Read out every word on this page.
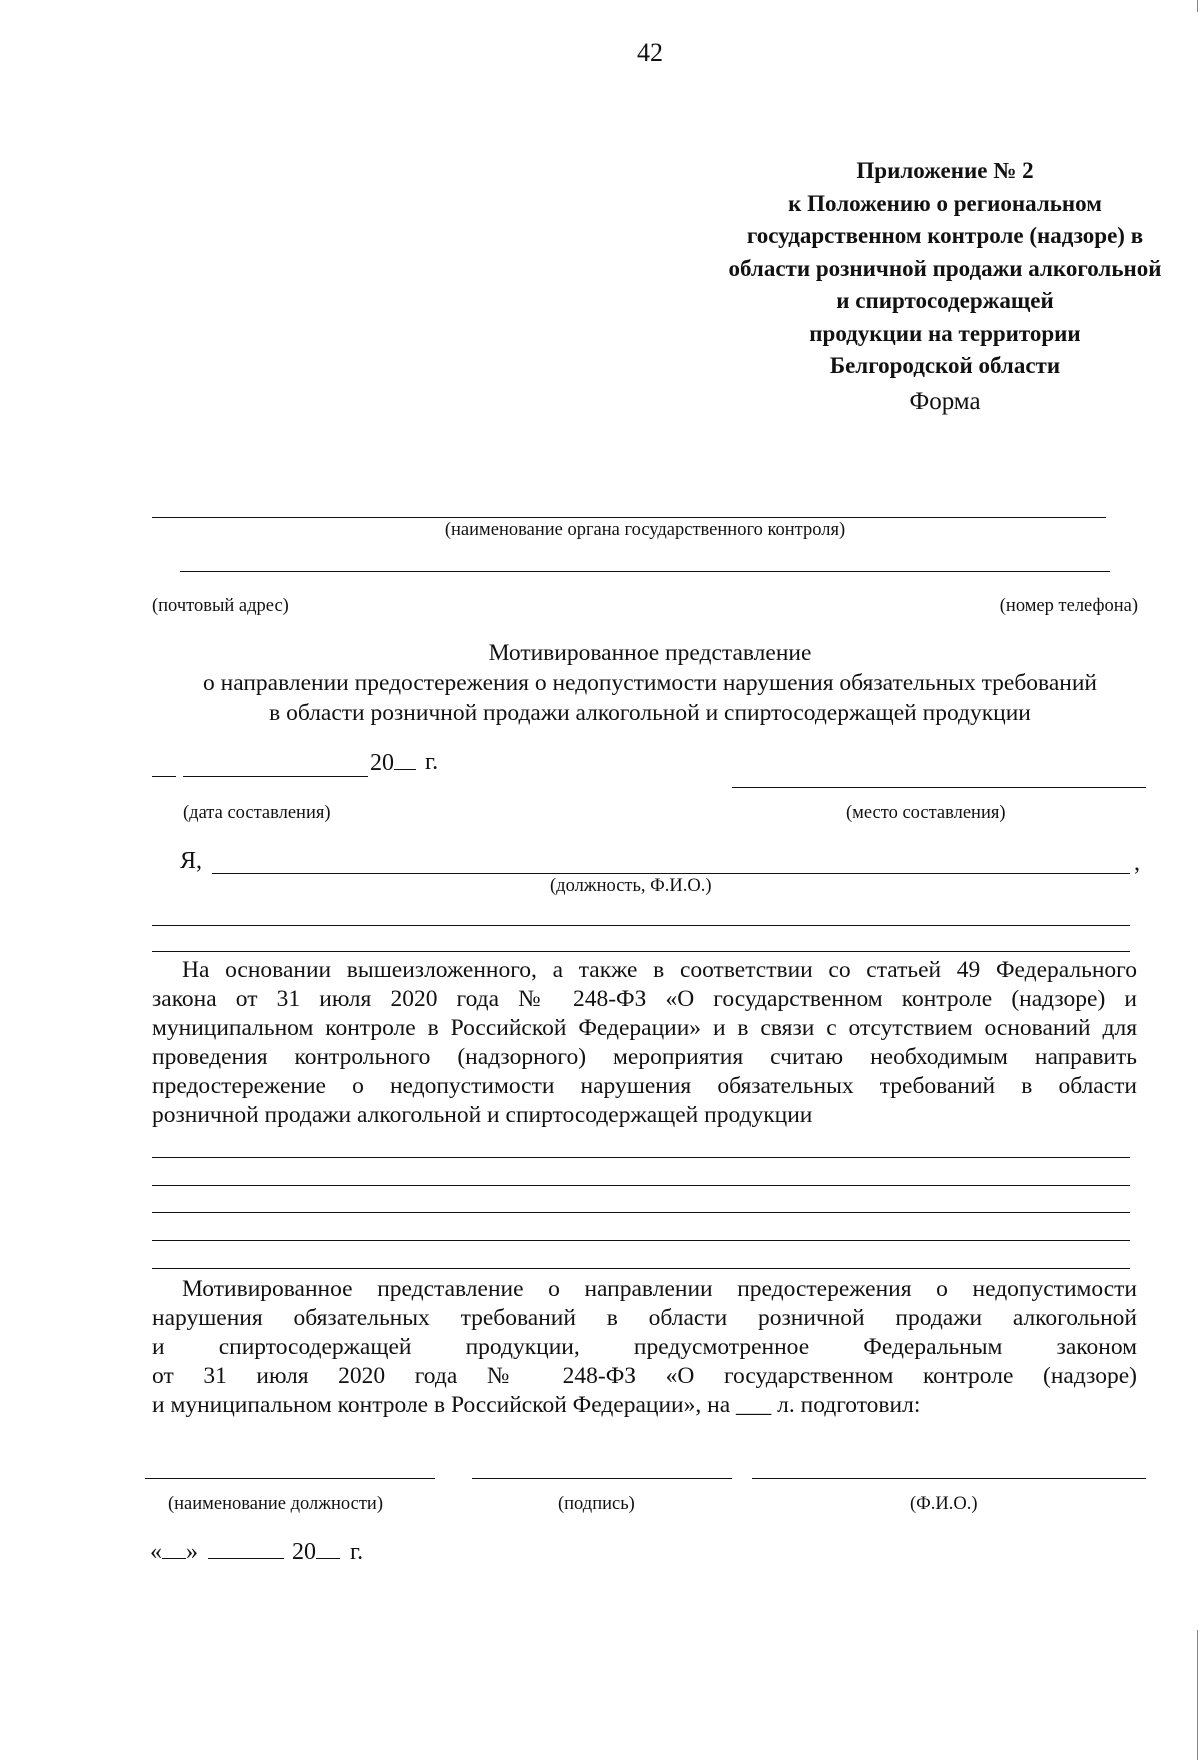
42
Приложение № 2
к Положению о региональном
государственном контроле (надзоре) в
области розничной продажи алкогольной
и спиртосодержащей
продукции на территории
Белгородской области
Форма
(наименование органа государственного контроля)
(почтовый адрес)	(номер телефона)
Мотивированное представление
о направлении предостережения о недопустимости нарушения обязательных требований
в области розничной продажи алкогольной и спиртосодержащей продукции
20	г.
(дата составления)	(место составления)
Я,	,
(должность, Ф.И.О.)
На основании вышеизложенного, а также в соответствии со статьей 49 Федерального
закона от 31 июля 2020 года № 248-ФЗ «О государственном контроле (надзоре) и
муниципальном контроле в Российской Федерации» и в связи с отсутствием оснований для
проведения контрольного (надзорного) мероприятия считаю необходимым направить
предостережение о недопустимости нарушения обязательных требований в области
розничной продажи алкогольной и спиртосодержащей продукции
Мотивированное представление о направлении предостережения о недопустимости
нарушения обязательных требований в области розничной продажи алкогольной
и спиртосодержащей продукции, предусмотренное Федеральным законом
от 31 июля 2020 года № 248-ФЗ «О государственном контроле (надзоре)
и муниципальном контроле в Российской Федерации», на ___ л. подготовил:
(наименование должности)	(подпись)	(Ф.И.О.)
« »	20 г.
